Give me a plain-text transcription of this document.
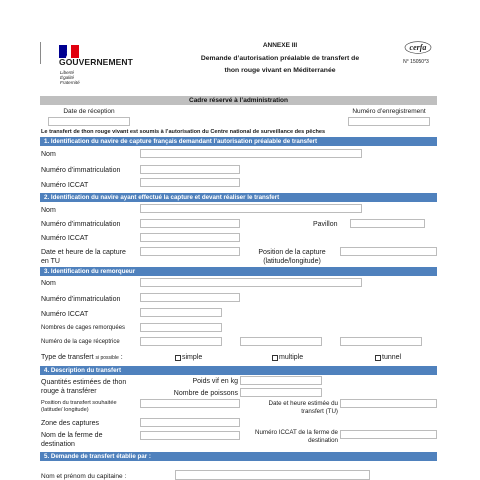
GOUVERNEMENT
Liberté
Égalité
Fraternité
ANNEXE III
Demande d’autorisation préalable de transfert de
thon rouge vivant en Méditerranée
cerfa
N° 15050*3
Cadre réservé à l’administration
Date de réception	Numéro d’enregistrement
Le transfert de thon rouge vivant est soumis à l’autorisation du Centre national de surveillance des pêches
1. Identification du navire de capture français demandant l’autorisation préalable de transfert
Nom
Numéro d’immatriculation
Numéro ICCAT
2. Identification du navire ayant effectué la capture et devant réaliser le transfert
Nom
Numéro d’immatriculation	Pavillon
Numéro ICCAT
Date et heure de la capture en TU
Position de la capture (latitude/longitude)
3. Identification du remorqueur
Nom
Numéro d’immatriculation
Numéro ICCAT
Nombres de cages remorquées
Numéro de la cage réceptrice
Type de transfert si possible :	simple	multiple	tunnel
4. Description du transfert
Quantités estimées de thon rouge à transférer
Poids vif en kg
Nombre de poissons
Position du transfert souhaitée (latitude/ longitude)
Date et heure estimée du transfert (TU)
Zone des captures
Nom de la ferme de destination
Numéro ICCAT de la ferme de destination
5. Demande de transfert établie par :
Nom et prénom du capitaine :
